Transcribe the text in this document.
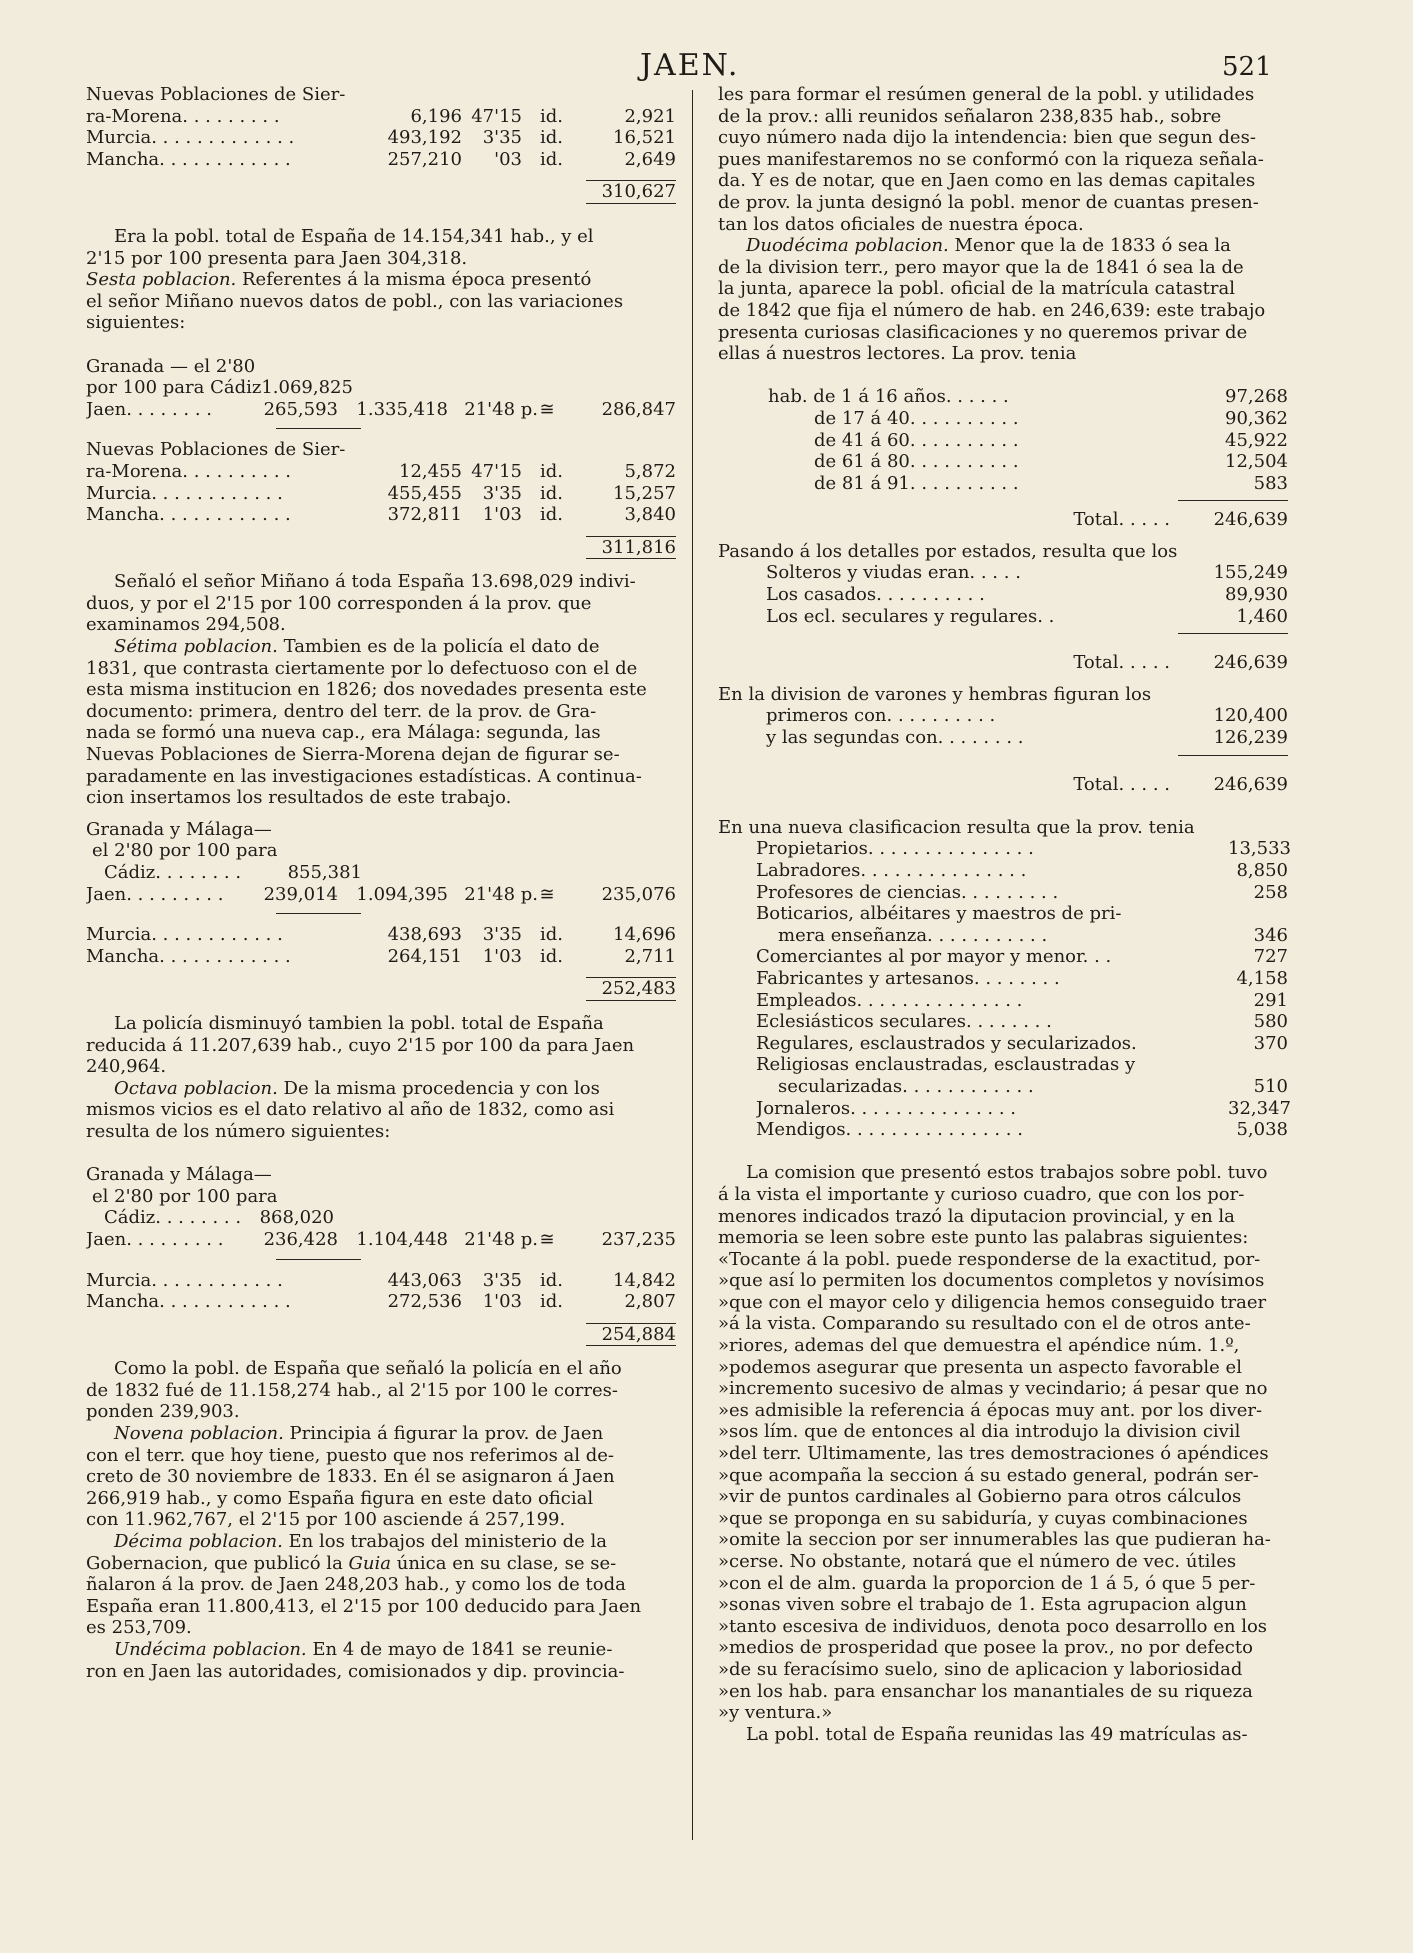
JAEN.	521
Nuevas Poblaciones de Sier-
ra-Morena. . . . . . . . .	6,196 47'15	id.	2,921
Murcia. . . . . . . . . . . . .	493,192	3'35	id.	16,521
Mancha. . . . . . . . . . . .	257,210	'03	id.	2,649
310,627
Era la pobl. total de España de 14.154,341 hab., y el
2'15 por 100 presenta para Jaen 304,318.
Sesta poblacion. Referentes á la misma época presentó
el señor Miñano nuevos datos de pobl., con las variaciones
siguientes:
Granada — el 2'80
por 100 para Cádiz 1.069,825
Jaen. . . . . . . .	265,593	1.335,418 21'48 p. ≅	286,847
Nuevas Poblaciones de Sier-
ra-Morena. . . . . . . . . .	12,455 47'15	id.	5,872
Murcia. . . . . . . . . . . .	455,455	3'35	id.	15,257
Mancha. . . . . . . . . . . .	372,811	1'03	id.	3,840
311,816
Señaló el señor Miñano á toda España 13.698,029 indivi-
duos, y por el 2'15 por 100 corresponden á la prov. que
examinamos 294,508.
Sétima poblacion. Tambien es de la policía el dato de
1831, que contrasta ciertamente por lo defectuoso con el de
esta misma institucion en 1826; dos novedades presenta este
documento: primera, dentro del terr. de la prov. de Gra-
nada se formó una nueva cap., era Málaga: segunda, las
Nuevas Poblaciones de Sierra-Morena dejan de figurar se-
paradamente en las investigaciones estadísticas. A continua-
cion insertamos los resultados de este trabajo.
Granada y Málaga—
el 2'80 por 100 para
Cádiz. . . . . . . .	855,381
Jaen. . . . . . . . .	239,014	1.094,395 21'48 p. ≅	235,076
Murcia. . . . . . . . . . . .	438,693	3'35	id.	14,696
Mancha. . . . . . . . . . . .	264,151	1'03	id.	2,711
252,483
La policía disminuyó tambien la pobl. total de España
reducida á 11.207,639 hab., cuyo 2'15 por 100 da para Jaen
240,964.
Octava poblacion. De la misma procedencia y con los
mismos vicios es el dato relativo al año de 1832, como asi
resulta de los número siguientes:
Granada y Málaga—
el 2'80 por 100 para
Cádiz. . . . . . . .	868,020
Jaen. . . . . . . . .	236,428	1.104,448 21'48 p. ≅	237,235
Murcia. . . . . . . . . . . .	443,063	3'35	id.	14,842
Mancha. . . . . . . . . . . .	272,536	1'03	id.	2,807
254,884
Como la pobl. de España que señaló la policía en el año
de 1832 fué de 11.158,274 hab., al 2'15 por 100 le corres-
ponden 239,903.
Novena poblacion. Principia á figurar la prov. de Jaen
con el terr. que hoy tiene, puesto que nos referimos al de-
creto de 30 noviembre de 1833. En él se asignaron á Jaen
266,919 hab., y como España figura en este dato oficial
con 11.962,767, el 2'15 por 100 asciende á 257,199.
Décima poblacion. En los trabajos del ministerio de la
Gobernacion, que publicó la Guia única en su clase, se se-
ñalaron á la prov. de Jaen 248,203 hab., y como los de toda
España eran 11.800,413, el 2'15 por 100 deducido para Jaen
es 253,709.
Undécima poblacion. En 4 de mayo de 1841 se reunie-
ron en Jaen las autoridades, comisionados y dip. provincia-
les para formar el resúmen general de la pobl. y utilidades
de la prov.: alli reunidos señalaron 238,835 hab., sobre
cuyo número nada dijo la intendencia: bien que segun des-
pues manifestaremos no se conformó con la riqueza señala-
da. Y es de notar, que en Jaen como en las demas capitales
de prov. la junta designó la pobl. menor de cuantas presen-
tan los datos oficiales de nuestra época.
Duodécima poblacion. Menor que la de 1833 ó sea la
de la division terr., pero mayor que la de 1841 ó sea la de
la junta, aparece la pobl. oficial de la matrícula catastral
de 1842 que fija el número de hab. en 246,639: este trabajo
presenta curiosas clasificaciones y no queremos privar de
ellas á nuestros lectores. La prov. tenia
hab. de 1 á 16 años. . . . . .	97,268
de 17 á 40. . . . . . . . . .	90,362
de 41 á 60. . . . . . . . . .	45,922
de 61 á 80. . . . . . . . . .	12,504
de 81 á 91. . . . . . . . . .	583
Total. . . . .	246,639
Pasando á los detalles por estados, resulta que los
Solteros y viudas eran. . . . .	155,249
Los casados. . . . . . . . . .	89,930
Los ecl. seculares y regulares. .	1,460
Total. . . . .	246,639
En la division de varones y hembras figuran los
primeros con. . . . . . . . . .	120,400
y las segundas con. . . . . . . .	126,239
Total. . . . .	246,639
En una nueva clasificacion resulta que la prov. tenia
Propietarios. . . . . . . . . . . . . . .	13,533
Labradores. . . . . . . . . . . . . . .	8,850
Profesores de ciencias. . . . . . . . .	258
Boticarios, albéitares y maestros de pri-
mera enseñanza. . . . . . . . . . .	346
Comerciantes al por mayor y menor. . .	727
Fabricantes y artesanos. . . . . . . .	4,158
Empleados. . . . . . . . . . . . . . .	291
Eclesiásticos seculares. . . . . . . .	580
Regulares, esclaustrados y secularizados.	370
Religiosas enclaustradas, esclaustradas y
secularizadas. . . . . . . . . . . .	510
Jornaleros. . . . . . . . . . . . . . .	32,347
Mendigos. . . . . . . . . . . . . . . .	5,038
La comision que presentó estos trabajos sobre pobl. tuvo
á la vista el importante y curioso cuadro, que con los por-
menores indicados trazó la diputacion provincial, y en la
memoria se leen sobre este punto las palabras siguientes:
«Tocante á la pobl. puede responderse de la exactitud, por-
»que así lo permiten los documentos completos y novísimos
»que con el mayor celo y diligencia hemos conseguido traer
»á la vista. Comparando su resultado con el de otros ante-
»riores, ademas del que demuestra el apéndice núm. 1.º,
»podemos asegurar que presenta un aspecto favorable el
»incremento sucesivo de almas y vecindario; á pesar que no
»es admisible la referencia á épocas muy ant. por los diver-
»sos lím. que de entonces al dia introdujo la division civil
»del terr. Ultimamente, las tres demostraciones ó apéndices
»que acompaña la seccion á su estado general, podrán ser-
»vir de puntos cardinales al Gobierno para otros cálculos
»que se proponga en su sabiduría, y cuyas combinaciones
»omite la seccion por ser innumerables las que pudieran ha-
»cerse. No obstante, notará que el número de vec. útiles
»con el de alm. guarda la proporcion de 1 á 5, ó que 5 per-
»sonas viven sobre el trabajo de 1. Esta agrupacion algun
»tanto escesiva de individuos, denota poco desarrollo en los
»medios de prosperidad que posee la prov., no por defecto
»de su feracísimo suelo, sino de aplicacion y laboriosidad
»en los hab. para ensanchar los manantiales de su riqueza
»y ventura.»
La pobl. total de España reunidas las 49 matrículas as-
